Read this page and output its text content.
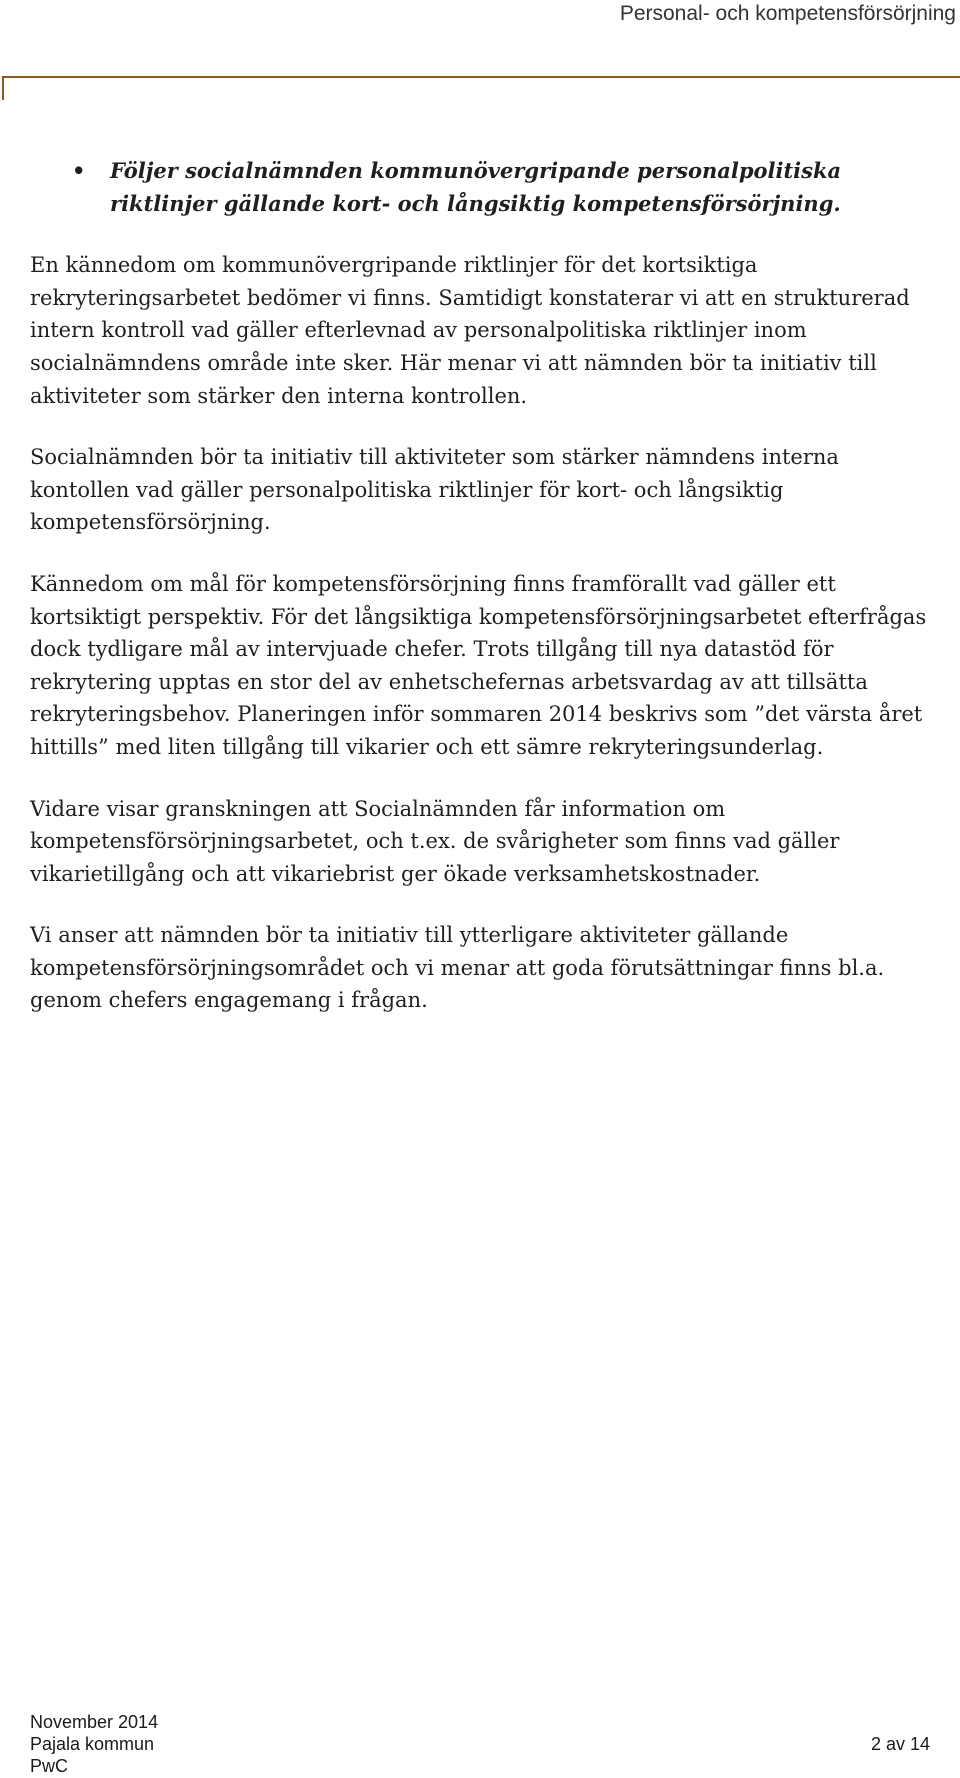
Personal- och kompetensförsörjning
• Följer socialnämnden kommunövergripande personalpolitiska riktlinjer gällande kort- och långsiktig kompetensförsörjning.

En kännedom om kommunövergripande riktlinjer för det kortsiktiga rekryteringsarbetet bedömer vi finns. Samtidigt konstaterar vi att en strukturerad intern kontroll vad gäller efterlevnad av personalpolitiska riktlinjer inom socialnämndens område inte sker. Här menar vi att nämnden bör ta initiativ till aktiviteter som stärker den interna kontrollen.

Socialnämnden bör ta initiativ till aktiviteter som stärker nämndens interna kontollen vad gäller personalpolitiska riktlinjer för kort- och långsiktig kompetensförsörjning.

Kännedom om mål för kompetensförsörjning finns framförallt vad gäller ett kortsiktigt perspektiv. För det långsiktiga kompetensförsörjningsarbetet efterfrågas dock tydligare mål av intervjuade chefer. Trots tillgång till nya datastöd för rekrytering upptas en stor del av enhetschefernas arbetsvardag av att tillsätta rekryteringsbehov. Planeringen inför sommaren 2014 beskrivs som ”det värsta året hittills” med liten tillgång till vikarier och ett sämre rekryteringsunderlag.

Vidare visar granskningen att Socialnämnden får information om kompetensförsörjningsarbetet, och t.ex. de svårigheter som finns vad gäller vikarietillgång och att vikariebrist ger ökade verksamhetskostnader.

Vi anser att nämnden bör ta initiativ till ytterligare aktiviteter gällande kompetensförsörjningsområdet och vi menar att goda förutsättningar finns bl.a. genom chefers engagemang i frågan.

November 2014
Pajala kommun	2 av 14
PwC
